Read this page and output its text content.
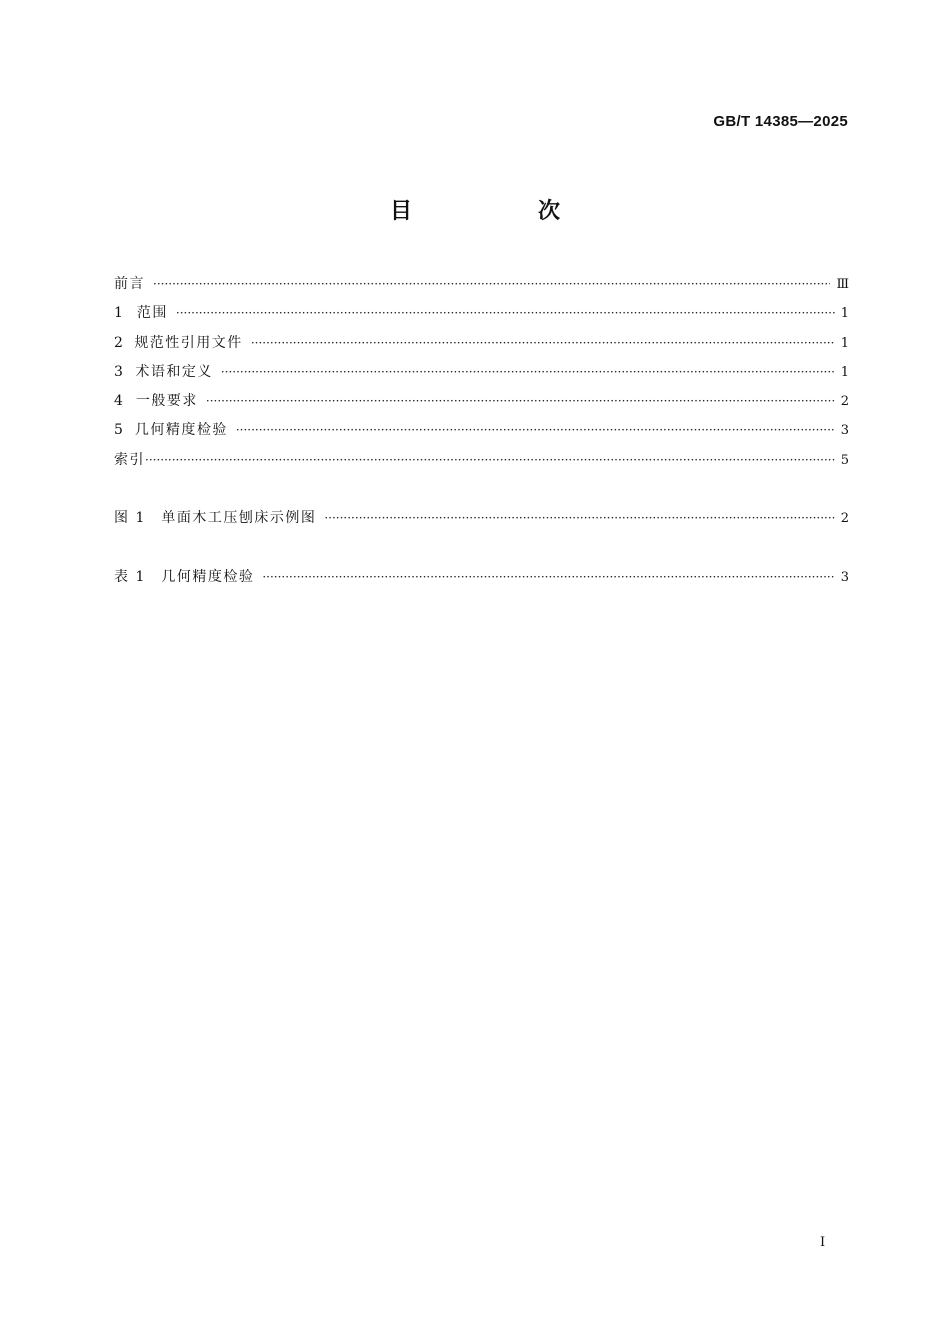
GB/T 14385—2025
目　次
前言 ·····	Ⅲ
1 范围 ·····	1
2 规范性引用文件 ·····	1
3 术语和定义 ·····	1
4 一般要求 ·····	2
5 几何精度检验 ·····	3
索引 ·····	5
图 1　单面木工压刨床示例图 ·····	2
表 1　几何精度检验 ·····	3
I
